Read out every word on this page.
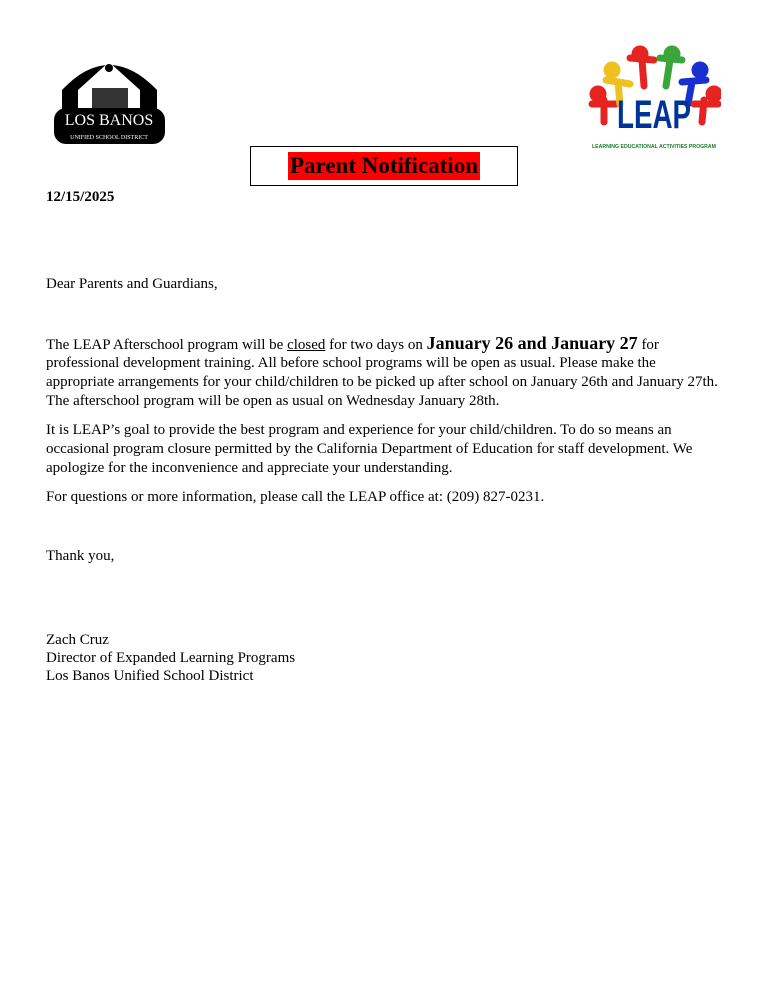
LOS BANOS
UNIFIED SCHOOL DISTRICT
LEAP
LEARNING EDUCATIONAL ACTIVITIES PROGRAM
Parent Notification
12/15/2025
Dear Parents and Guardians,
The LEAP Afterschool program will be closed for two days on January 26 and January 27 for
professional development training. All before school programs will be open as usual. Please make the
appropriate arrangements for your child/children to be picked up after school on January 26th and January 27th.
The afterschool program will be open as usual on Wednesday January 28th.
It is LEAP’s goal to provide the best program and experience for your child/children. To do so means an
occasional program closure permitted by the California Department of Education for staff development. We
apologize for the inconvenience and appreciate your understanding.
For questions or more information, please call the LEAP office at: (209) 827-0231.
Thank you,
Zach Cruz
Director of Expanded Learning Programs
Los Banos Unified School District
